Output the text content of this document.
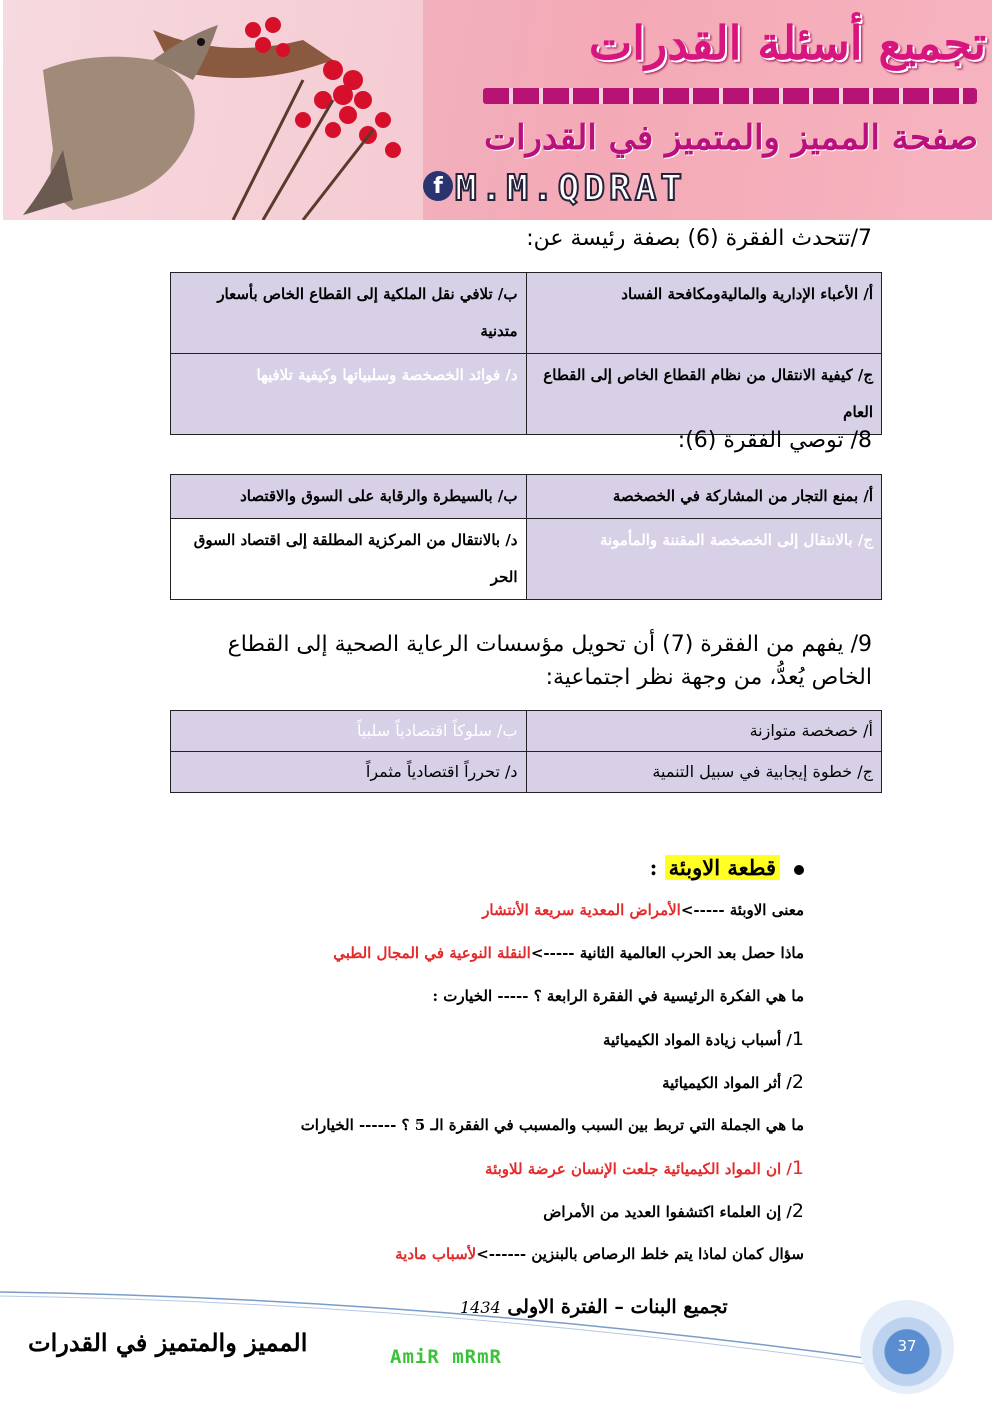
تجميع أسئلة القدرات
صفحة المميز والمتميز في القدرات
f M.M.QDRAT
7/تتحدث الفقرة (6) بصفة رئيسة عن:
أ/ الأعباء الإدارية والماليةومكافحة الفساد	ب/ تلافي نقل الملكية إلى القطاع الخاص بأسعار متدنية
ج/ كيفية الانتقال من نظام القطاع الخاص إلى القطاع العام	د/ فوائد الخصخصة وسلبياتها وكيفية تلافيها
8/ توصي الفقرة (6):
أ/ بمنع التجار من المشاركة في الخصخصة	ب/ بالسيطرة والرقابة على السوق والاقتصاد
ج/ بالانتقال إلى الخصخصة المقننة والمأمونة	د/ بالانتقال من المركزية المطلقة إلى اقتصاد السوق الحر
9/ يفهم من الفقرة (7) أن تحويل مؤسسات الرعاية الصحية إلى القطاع الخاص يُعدُّ، من وجهة نظر اجتماعية:
أ/ خصخصة متوازنة	ب/ سلوكاً اقتصادياً سلبياً
ج/ خطوة إيجابية في سبيل التنمية	د/ تحرراً اقتصادياً مثمراً
قطعة الاوبئة :
معنى الاوبئة ----->الأمراض المعدية سريعة الأنتشار
ماذا حصل بعد الحرب العالمية الثانية ----->النقلة النوعية في المجال الطبي
ما هي الفكرة الرئيسية في الفقرة الرابعة ؟ ----- الخيارت :
1/ أسباب زيادة المواد الكيميائية
2/ أثر المواد الكيميائية
ما هي الجملة التي تربط بين السبب والمسبب في الفقرة الـ 5 ؟ ------ الخيارات
1/ ان المواد الكيميائية جلعت الإنسان عرضة للاوبئة
2/ إن العلماء اكتشفوا العديد من الأمراض
سؤال كمان لماذا يتم خلط الرصاص بالبنزين ------>لأسباب مادية
تجميع البنات – الفترة الاولى 1434
المميز والمتميز في القدرات	AmiR mRmR	37
